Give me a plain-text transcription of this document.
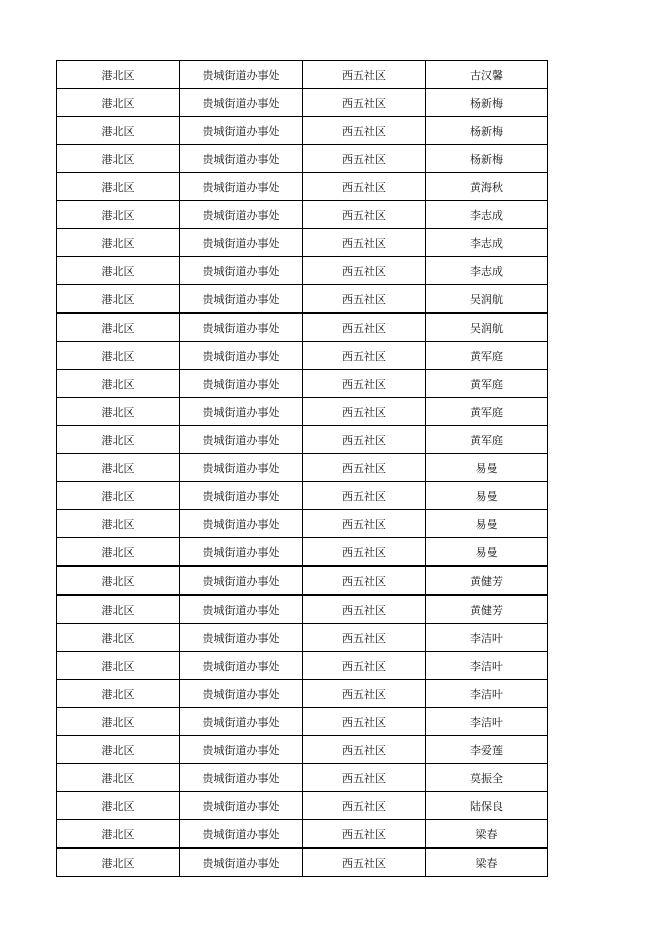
港北区	贵城街道办事处	西五社区	古汉馨
港北区	贵城街道办事处	西五社区	杨新梅
港北区	贵城街道办事处	西五社区	杨新梅
港北区	贵城街道办事处	西五社区	杨新梅
港北区	贵城街道办事处	西五社区	黄海秋
港北区	贵城街道办事处	西五社区	李志成
港北区	贵城街道办事处	西五社区	李志成
港北区	贵城街道办事处	西五社区	李志成
港北区	贵城街道办事处	西五社区	吴润航
港北区	贵城街道办事处	西五社区	吴润航
港北区	贵城街道办事处	西五社区	黄军庭
港北区	贵城街道办事处	西五社区	黄军庭
港北区	贵城街道办事处	西五社区	黄军庭
港北区	贵城街道办事处	西五社区	黄军庭
港北区	贵城街道办事处	西五社区	易曼
港北区	贵城街道办事处	西五社区	易曼
港北区	贵城街道办事处	西五社区	易曼
港北区	贵城街道办事处	西五社区	易曼
港北区	贵城街道办事处	西五社区	黄健芳
港北区	贵城街道办事处	西五社区	黄健芳
港北区	贵城街道办事处	西五社区	李洁叶
港北区	贵城街道办事处	西五社区	李洁叶
港北区	贵城街道办事处	西五社区	李洁叶
港北区	贵城街道办事处	西五社区	李洁叶
港北区	贵城街道办事处	西五社区	李爱莲
港北区	贵城街道办事处	西五社区	莫振全
港北区	贵城街道办事处	西五社区	陆保良
港北区	贵城街道办事处	西五社区	梁春
港北区	贵城街道办事处	西五社区	梁春
